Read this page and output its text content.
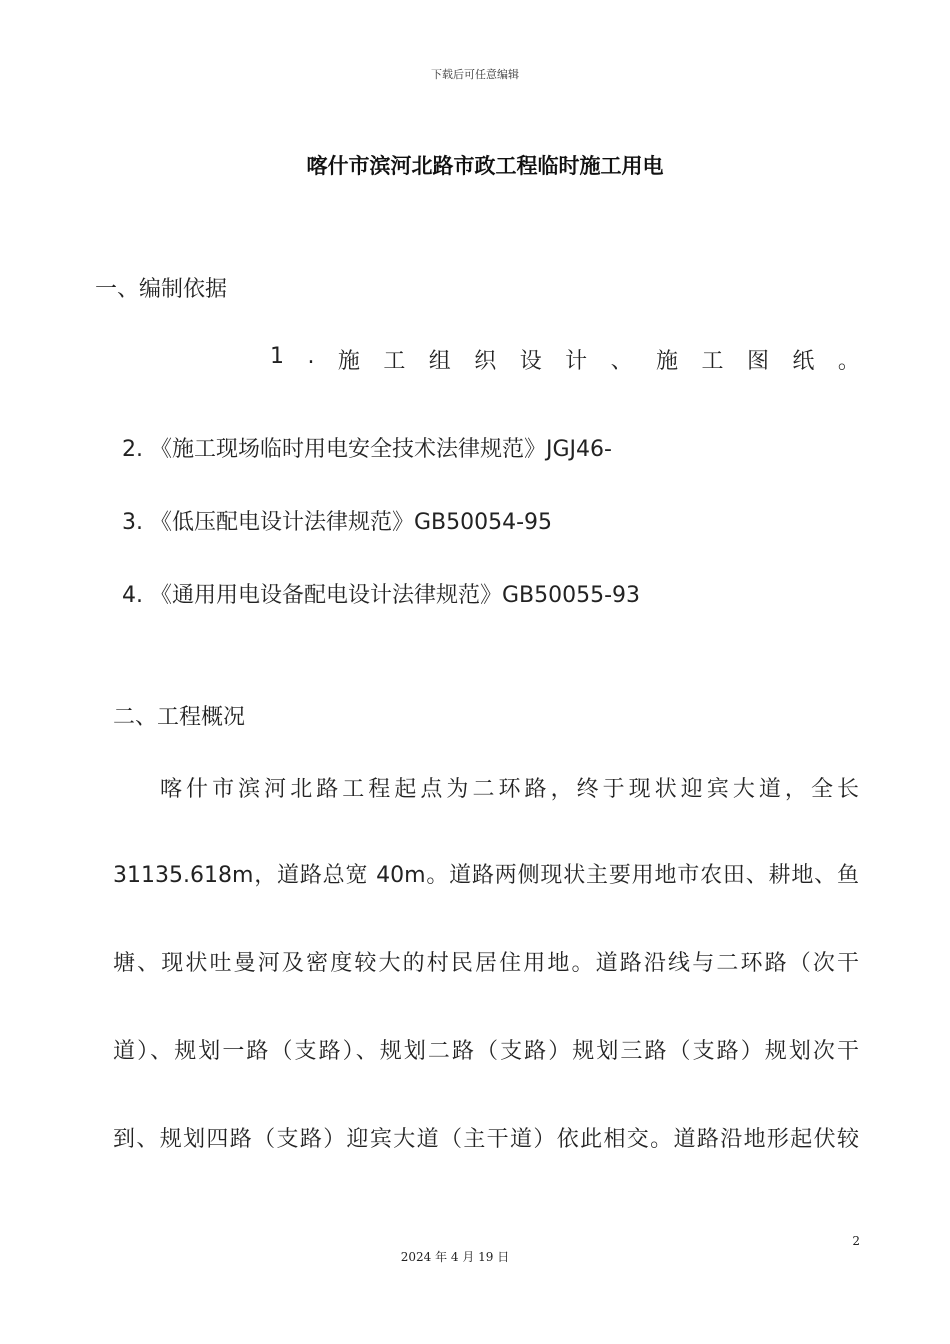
下载后可任意编辑
喀什市滨河北路市政工程临时施工用电
一、编制依据
1 . 施 工 组 织 设 计 、 施 工 图 纸 。
2. 《施工现场临时用电安全技术法律规范》JGJ46-
3. 《低压配电设计法律规范》GB50054-95
4. 《通用用电设备配电设计法律规范》GB50055-93
二、工程概况
喀什市滨河北路工程起点为二环路，终于现状迎宾大道，全长
31135.618m，道路总宽 40m。道路两侧现状主要用地市农田、耕地、鱼
塘、现状吐曼河及密度较大的村民居住用地。道路沿线与二环路（次干
道）、规划一路（支路）、规划二路（支路）规划三路（支路）规划次干
到、规划四路（支路）迎宾大道（主干道）依此相交。道路沿地形起伏较
2
2024 年 4 月 19 日
